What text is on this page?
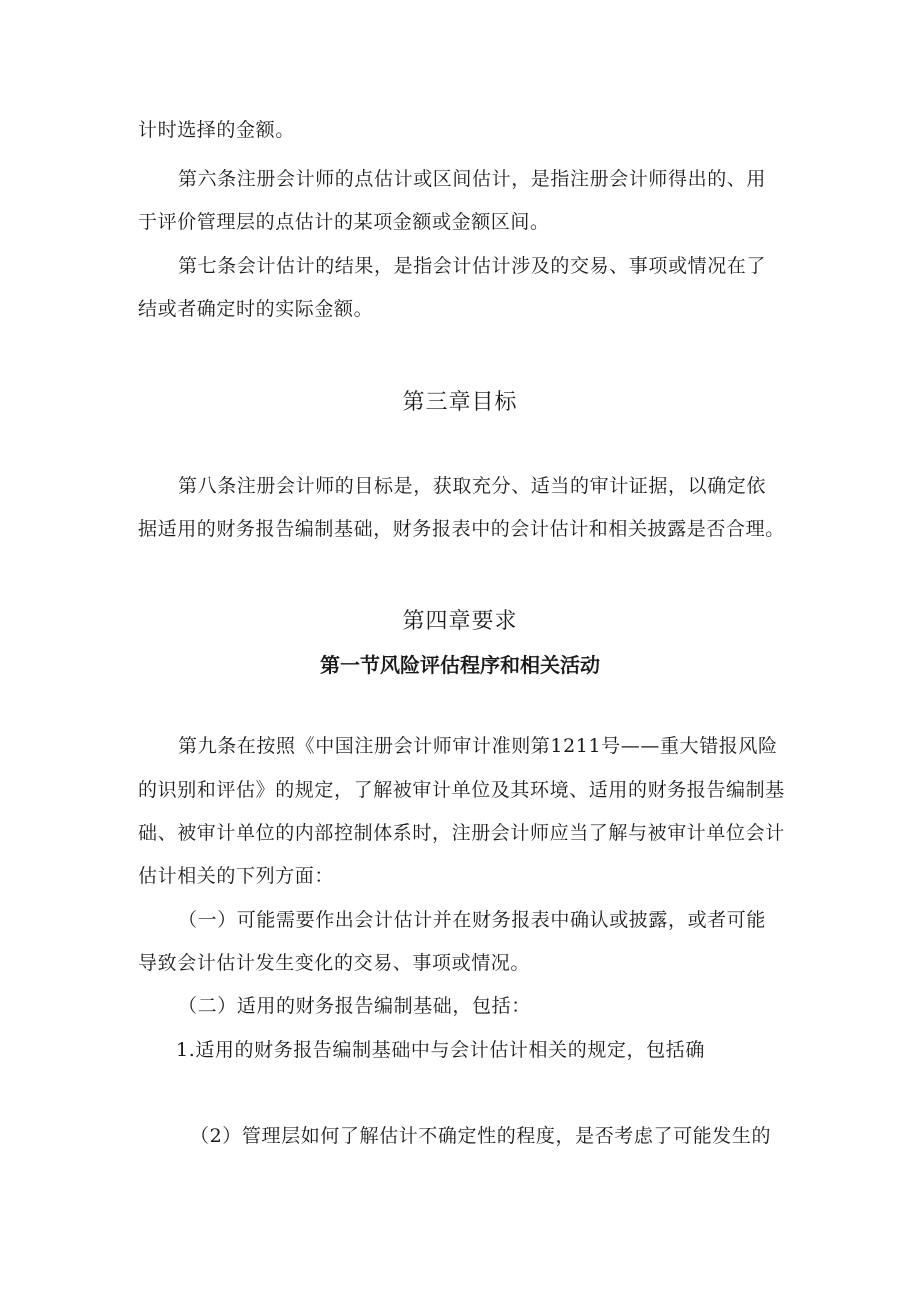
计时选择的金额。
第六条注册会计师的点估计或区间估计，是指注册会计师得出的、用
于评价管理层的点估计的某项金额或金额区间。
第七条会计估计的结果，是指会计估计涉及的交易、事项或情况在了
结或者确定时的实际金额。
第三章目标
第八条注册会计师的目标是，获取充分、适当的审计证据，以确定依
据适用的财务报告编制基础，财务报表中的会计估计和相关披露是否合理。
第四章要求
第一节风险评估程序和相关活动
第九条在按照《中国注册会计师审计准则第1211号——重大错报风险
的识别和评估》的规定，了解被审计单位及其环境、适用的财务报告编制基
础、被审计单位的内部控制体系时，注册会计师应当了解与被审计单位会计
估计相关的下列方面：
（一）可能需要作出会计估计并在财务报表中确认或披露，或者可能
导致会计估计发生变化的交易、事项或情况。
（二）适用的财务报告编制基础，包括：
1.适用的财务报告编制基础中与会计估计相关的规定，包括确
（2）管理层如何了解估计不确定性的程度，是否考虑了可能发生的
